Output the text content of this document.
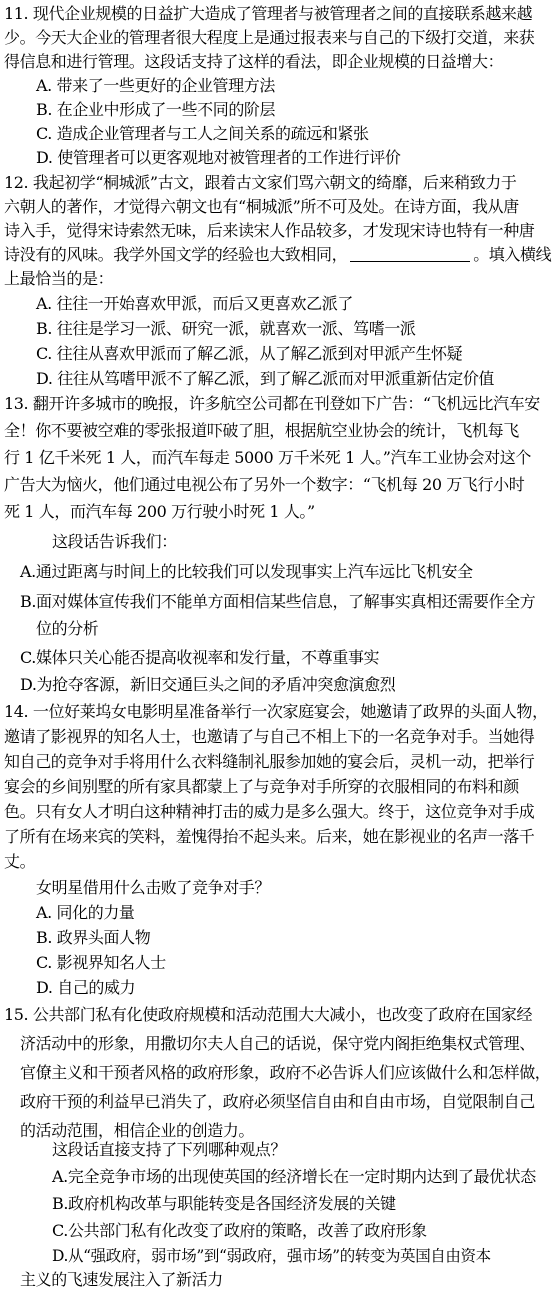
11. 现代企业规模的日益扩大造成了管理者与被管理者之间的直接联系越来越
少。今天大企业的管理者很大程度上是通过报表来与自己的下级打交道，来获
得信息和进行管理。这段话支持了这样的看法，即企业规模的日益增大：
A. 带来了一些更好的企业管理方法
B. 在企业中形成了一些不同的阶层
C. 造成企业管理者与工人之间关系的疏远和紧张
D. 使管理者可以更客观地对被管理者的工作进行评价
12. 我起初学“桐城派”古文，跟着古文家们骂六朝文的绮靡，后来稍致力于
六朝人的著作，才觉得六朝文也有“桐城派”所不可及处。在诗方面，我从唐
诗入手，觉得宋诗索然无味，后来读宋人作品较多，才发现宋诗也特有一种唐
诗没有的风味。我学外国文学的经验也大致相同，	。填入横线
上最恰当的是：
A. 往往一开始喜欢甲派，而后又更喜欢乙派了
B. 往往是学习一派、研究一派，就喜欢一派、笃嗜一派
C. 往往从喜欢甲派而了解乙派，从了解乙派到对甲派产生怀疑
D. 往往从笃嗜甲派不了解乙派，到了解乙派而对甲派重新估定价值
13. 翻开许多城市的晚报，许多航空公司都在刊登如下广告：“飞机远比汽车安
全！你不要被空难的零张报道吓破了胆，根据航空业协会的统计，飞机每飞
行 1 亿千米死 1 人，而汽车每走 5000 万千米死 1 人。”汽车工业协会对这个
广告大为恼火，他们通过电视公布了另外一个数字：“飞机每 20 万飞行小时
死 1 人，而汽车每 200 万行驶小时死 1 人。”
这段话告诉我们：
A.通过距离与时间上的比较我们可以发现事实上汽车远比飞机安全
B.面对媒体宣传我们不能单方面相信某些信息，了解事实真相还需要作全方
位的分析
C.媒体只关心能否提高收视率和发行量，不尊重事实
D.为抢夺客源，新旧交通巨头之间的矛盾冲突愈演愈烈
14. 一位好莱坞女电影明星准备举行一次家庭宴会，她邀请了政界的头面人物，
邀请了影视界的知名人士，也邀请了与自己不相上下的一名竞争对手。当她得
知自己的竞争对手将用什么衣料缝制礼服参加她的宴会后，灵机一动，把举行
宴会的乡间别墅的所有家具都蒙上了与竞争对手所穿的衣服相同的布料和颜
色。只有女人才明白这种精神打击的威力是多么强大。终于，这位竞争对手成
了所有在场来宾的笑料，羞愧得抬不起头来。后来，她在影视业的名声一落千
丈。
女明星借用什么击败了竞争对手？
A. 同化的力量
B. 政界头面人物
C. 影视界知名人士
D. 自己的威力
15. 公共部门私有化使政府规模和活动范围大大减小，也改变了政府在国家经
济活动中的形象，用撒切尔夫人自己的话说，保守党内阁拒绝集权式管理、
官僚主义和干预者风格的政府形象，政府不必告诉人们应该做什么和怎样做，
政府干预的利益早已消失了，政府必须坚信自由和自由市场，自觉限制自己
的活动范围，相信企业的创造力。
这段话直接支持了下列哪种观点？
A.完全竞争市场的出现使英国的经济增长在一定时期内达到了最优状态
B.政府机构改革与职能转变是各国经济发展的关键
C.公共部门私有化改变了政府的策略，改善了政府形象
D.从“强政府，弱市场”到“弱政府，强市场”的转变为英国自由资本
主义的飞速发展注入了新活力
